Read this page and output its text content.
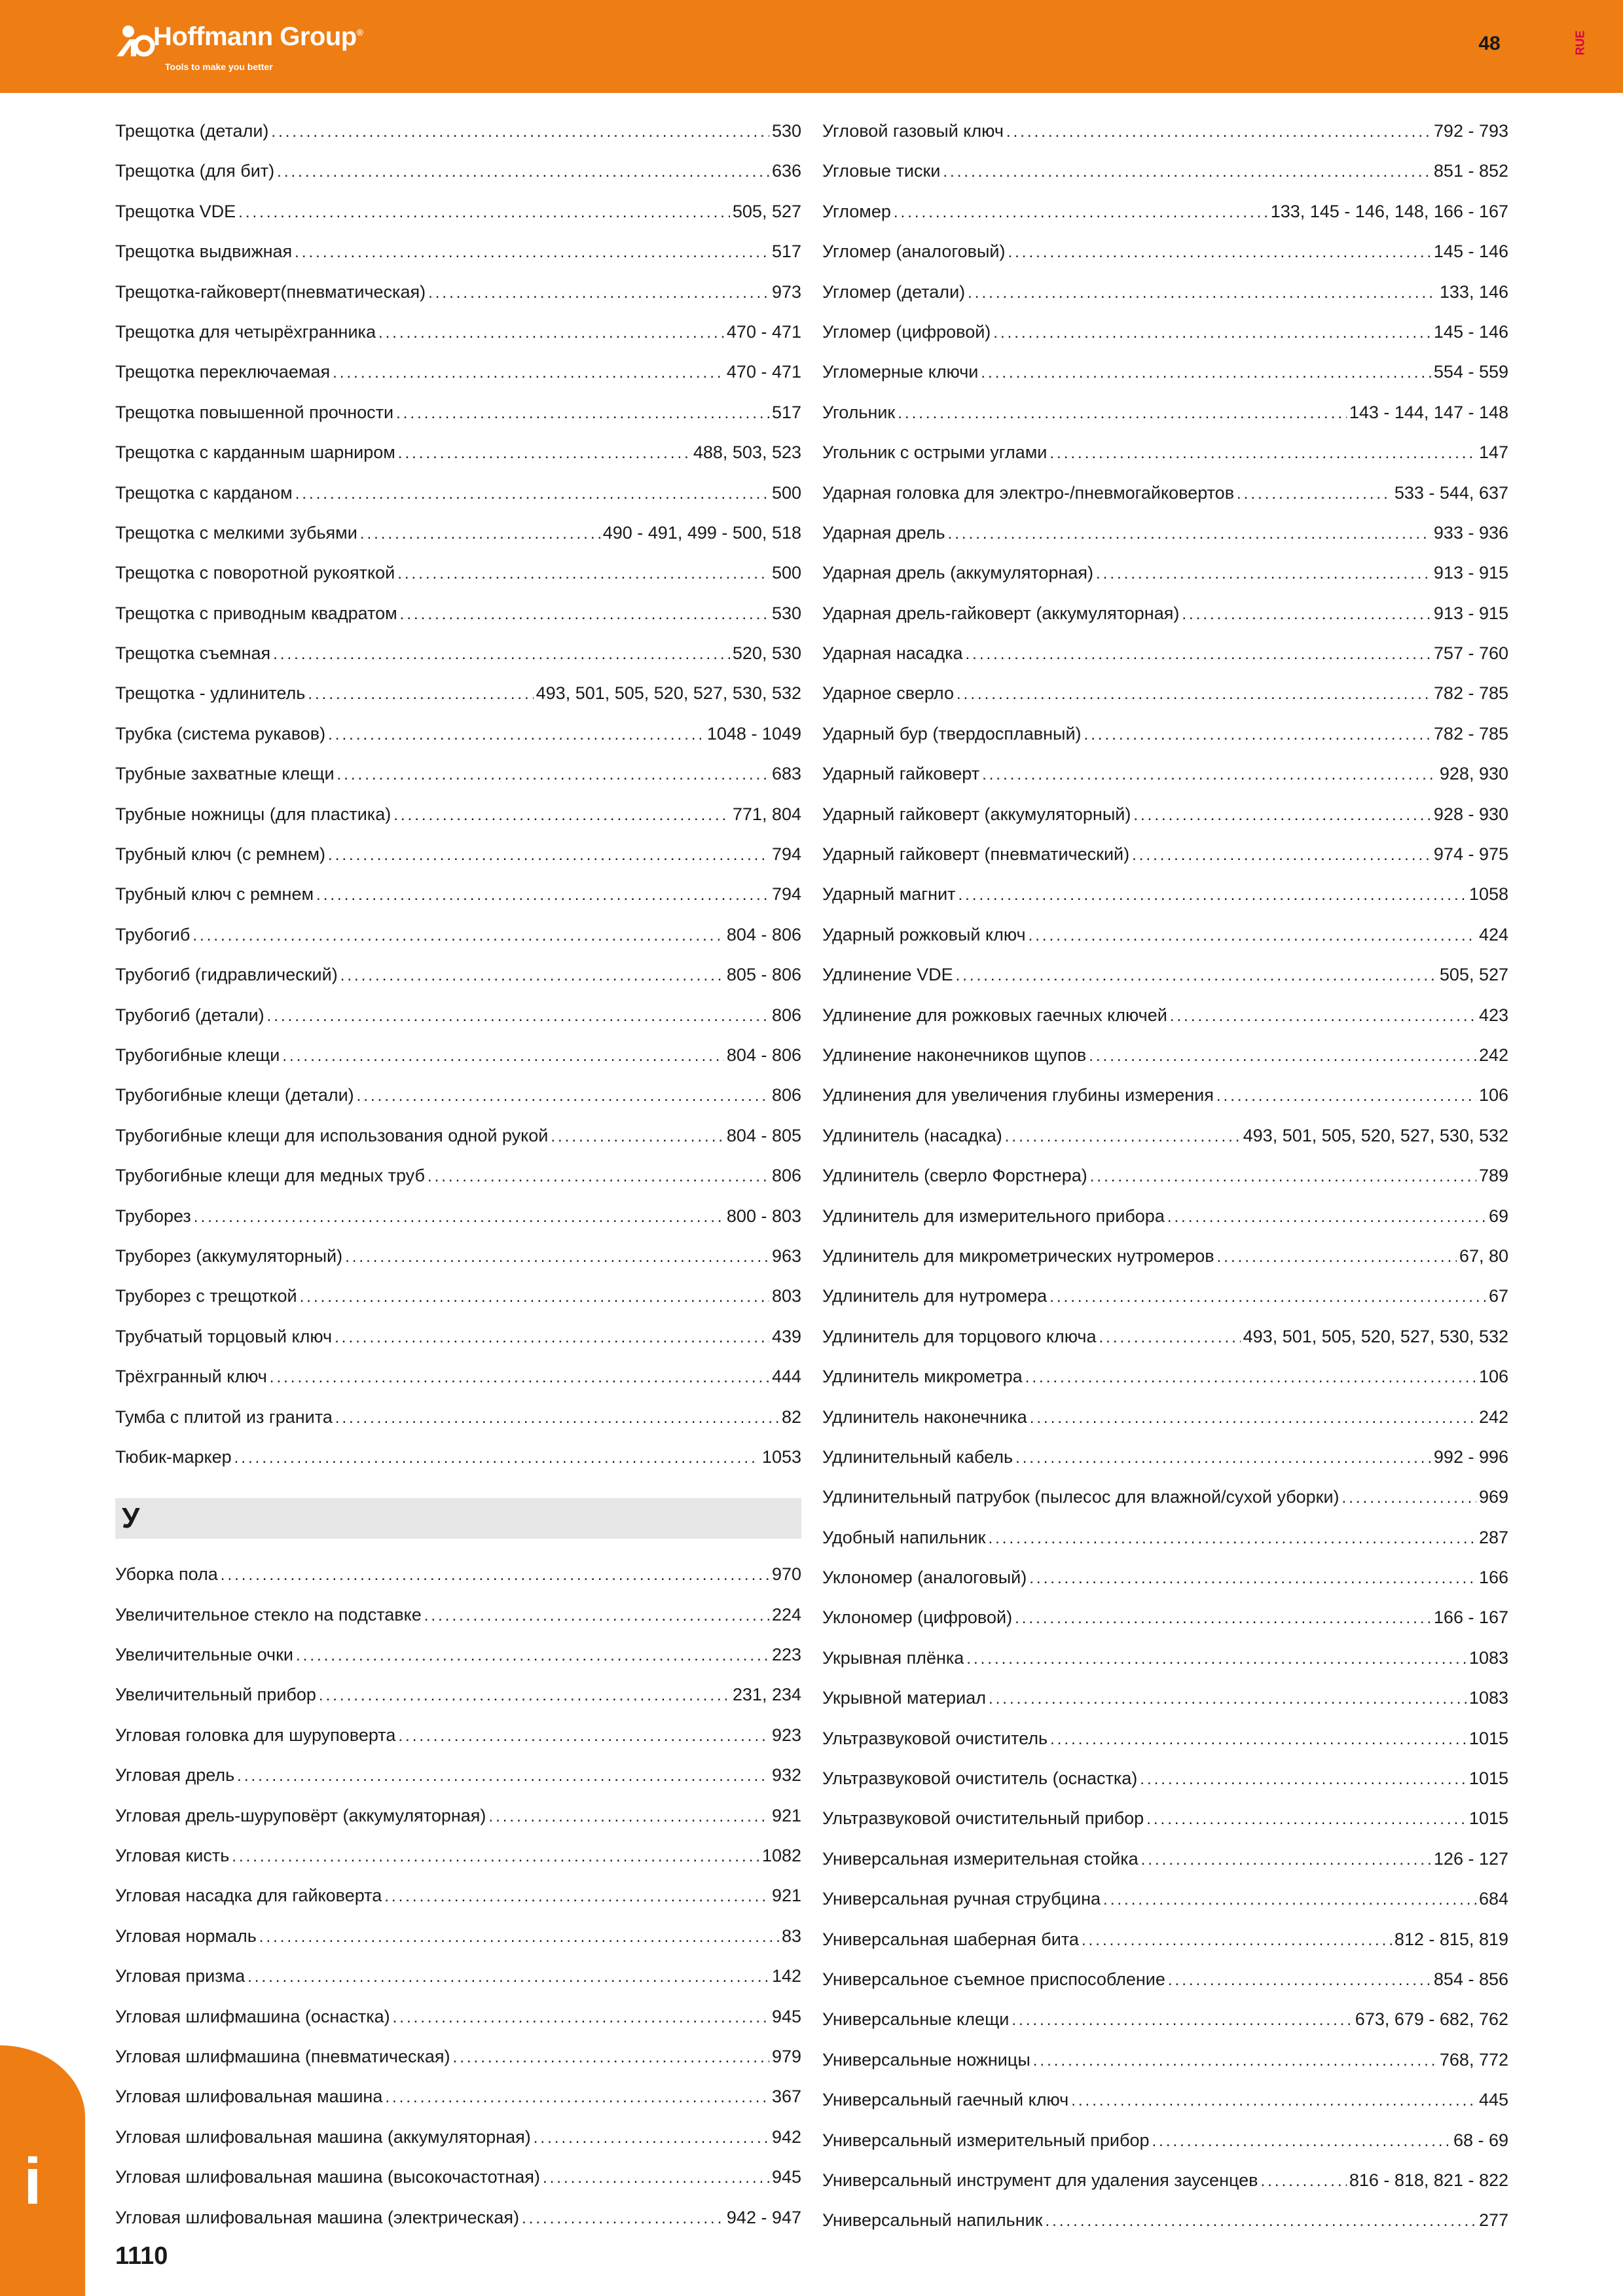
Hoffmann Group®
Tools to make you better
48	RUE
Трещотка (детали) .....	530
Трещотка (для бит) .....	636
Трещотка VDE .....	505, 527
Трещотка выдвижная .....	517
Трещотка-гайковерт(пневматическая) .....	973
Трещотка для четырёхгранника .....	470 - 471
Трещотка переключаемая .....	470 - 471
Трещотка повышенной прочности .....	517
Трещотка с карданным шарниром .....	488, 503, 523
Трещотка с карданом .....	500
Трещотка с мелкими зубьями .....	490 - 491, 499 - 500, 518
Трещотка с поворотной рукояткой .....	500
Трещотка с приводным квадратом .....	530
Трещотка съемная .....	520, 530
Трещотка - удлинитель .....	493, 501, 505, 520, 527, 530, 532
Трубка (система рукавов) .....	1048 - 1049
Трубные захватные клещи .....	683
Трубные ножницы (для пластика) .....	771, 804
Трубный ключ (с ремнем) .....	794
Трубный ключ с ремнем .....	794
Трубогиб .....	804 - 806
Трубогиб (гидравлический) .....	805 - 806
Трубогиб (детали) .....	806
Трубогибные клещи .....	804 - 806
Трубогибные клещи (детали) .....	806
Трубогибные клещи для использования одной рукой .....	804 - 805
Трубогибные клещи для медных труб .....	806
Труборез .....	800 - 803
Труборез (аккумуляторный) .....	963
Труборез с трещоткой .....	803
Трубчатый торцовый ключ .....	439
Трёхгранный ключ .....	444
Тумба с плитой из гранита .....	82
Тюбик-маркер .....	1053
У
Уборка пола .....	970
Увеличительное стекло на подставке .....	224
Увеличительные очки .....	223
Увеличительный прибор .....	231, 234
Угловая головка для шуруповерта .....	923
Угловая дрель .....	932
Угловая дрель-шуруповёрт (аккумуляторная) .....	921
Угловая кисть .....	1082
Угловая насадка для гайковерта .....	921
Угловая нормаль .....	83
Угловая призма .....	142
Угловая шлифмашина (оснастка) .....	945
Угловая шлифмашина (пневматическая) .....	979
Угловая шлифовальная машина .....	367
Угловая шлифовальная машина (аккумуляторная) .....	942
Угловая шлифовальная машина (высокочастотная) .....	945
Угловая шлифовальная машина (электрическая) .....	942 - 947
Угловой газовый ключ .....	792 - 793
Угловые тиски .....	851 - 852
Угломер .....	133, 145 - 146, 148, 166 - 167
Угломер (аналоговый) .....	145 - 146
Угломер (детали) .....	133, 146
Угломер (цифровой) .....	145 - 146
Угломерные ключи .....	554 - 559
Угольник .....	143 - 144, 147 - 148
Угольник с острыми углами .....	147
Ударная головка для электро-/пневмогайковертов .....	533 - 544, 637
Ударная дрель .....	933 - 936
Ударная дрель (аккумуляторная) .....	913 - 915
Ударная дрель-гайковерт (аккумуляторная) .....	913 - 915
Ударная насадка .....	757 - 760
Ударное сверло .....	782 - 785
Ударный бур (твердосплавный) .....	782 - 785
Ударный гайковерт .....	928, 930
Ударный гайковерт (аккумуляторный) .....	928 - 930
Ударный гайковерт (пневматический) .....	974 - 975
Ударный магнит .....	1058
Ударный рожковый ключ .....	424
Удлинение VDE .....	505, 527
Удлинение для рожковых гаечных ключей .....	423
Удлинение наконечников щупов .....	242
Удлинения для увеличения глубины измерения .....	106
Удлинитель (насадка) .....	493, 501, 505, 520, 527, 530, 532
Удлинитель (сверло Форстнера) .....	789
Удлинитель для измерительного прибора .....	69
Удлинитель для микрометрических нутромеров .....	67, 80
Удлинитель для нутромера .....	67
Удлинитель для торцового ключа .....	493, 501, 505, 520, 527, 530, 532
Удлинитель микрометра .....	106
Удлинитель наконечника .....	242
Удлинительный кабель .....	992 - 996
Удлинительный патрубок (пылесос для влажной/сухой уборки) .....	969
Удобный напильник .....	287
Уклономер (аналоговый) .....	166
Уклономер (цифровой) .....	166 - 167
Укрывная плёнка .....	1083
Укрывной материал .....	1083
Ультразвуковой очиститель .....	1015
Ультразвуковой очиститель (оснастка) .....	1015
Ультразвуковой очистительный прибор .....	1015
Универсальная измерительная стойка .....	126 - 127
Универсальная ручная струбцина .....	684
Универсальная шаберная бита .....	812 - 815, 819
Универсальное съемное приспособление .....	854 - 856
Универсальные клещи .....	673, 679 - 682, 762
Универсальные ножницы .....	768, 772
Универсальный гаечный ключ .....	445
Универсальный измерительный прибор .....	68 - 69
Универсальный инструмент для удаления заусенцев .....	816 - 818, 821 - 822
Универсальный напильник .....	277
i
1110
